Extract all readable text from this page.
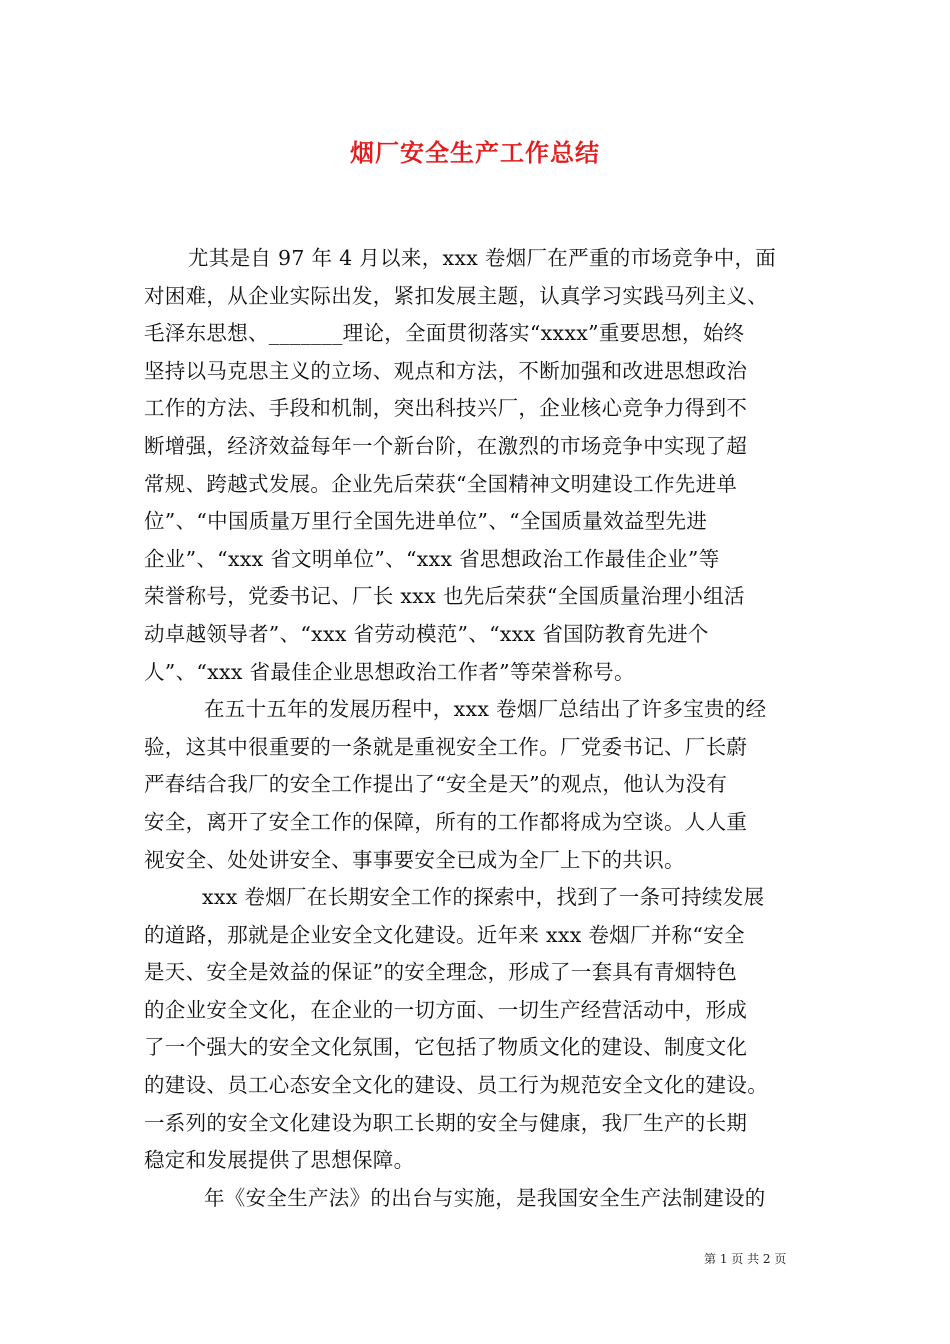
烟厂安全生产工作总结
尤其是自 97 年 4 月以来，xxx 卷烟厂在严重的市场竞争中，面
对困难，从企业实际出发，紧扣发展主题，认真学习实践马列主义、
毛泽东思想、_______理论，全面贯彻落实“xxxx”重要思想，始终
坚持以马克思主义的立场、观点和方法，不断加强和改进思想政治
工作的方法、手段和机制，突出科技兴厂，企业核心竞争力得到不
断增强，经济效益每年一个新台阶，在激烈的市场竞争中实现了超
常规、跨越式发展。企业先后荣获“全国精神文明建设工作先进单
位”、“中国质量万里行全国先进单位”、“全国质量效益型先进
企业”、“xxx 省文明单位”、“xxx 省思想政治工作最佳企业”等
荣誉称号，党委书记、厂长 xxx 也先后荣获“全国质量治理小组活
动卓越领导者”、“xxx 省劳动模范”、“xxx 省国防教育先进个
人”、“xxx 省最佳企业思想政治工作者”等荣誉称号。
在五十五年的发展历程中，xxx 卷烟厂总结出了许多宝贵的经
验，这其中很重要的一条就是重视安全工作。厂党委书记、厂长蔚
严春结合我厂的安全工作提出了“安全是天”的观点，他认为没有
安全，离开了安全工作的保障，所有的工作都将成为空谈。人人重
视安全、处处讲安全、事事要安全已成为全厂上下的共识。
xxx 卷烟厂在长期安全工作的探索中，找到了一条可持续发展
的道路，那就是企业安全文化建设。近年来 xxx 卷烟厂并称“安全
是天、安全是效益的保证”的安全理念，形成了一套具有青烟特色
的企业安全文化，在企业的一切方面、一切生产经营活动中，形成
了一个强大的安全文化氛围，它包括了物质文化的建设、制度文化
的建设、员工心态安全文化的建设、员工行为规范安全文化的建设。
一系列的安全文化建设为职工长期的安全与健康，我厂生产的长期
稳定和发展提供了思想保障。
年《安全生产法》的出台与实施，是我国安全生产法制建设的
第 1 页 共 2 页
